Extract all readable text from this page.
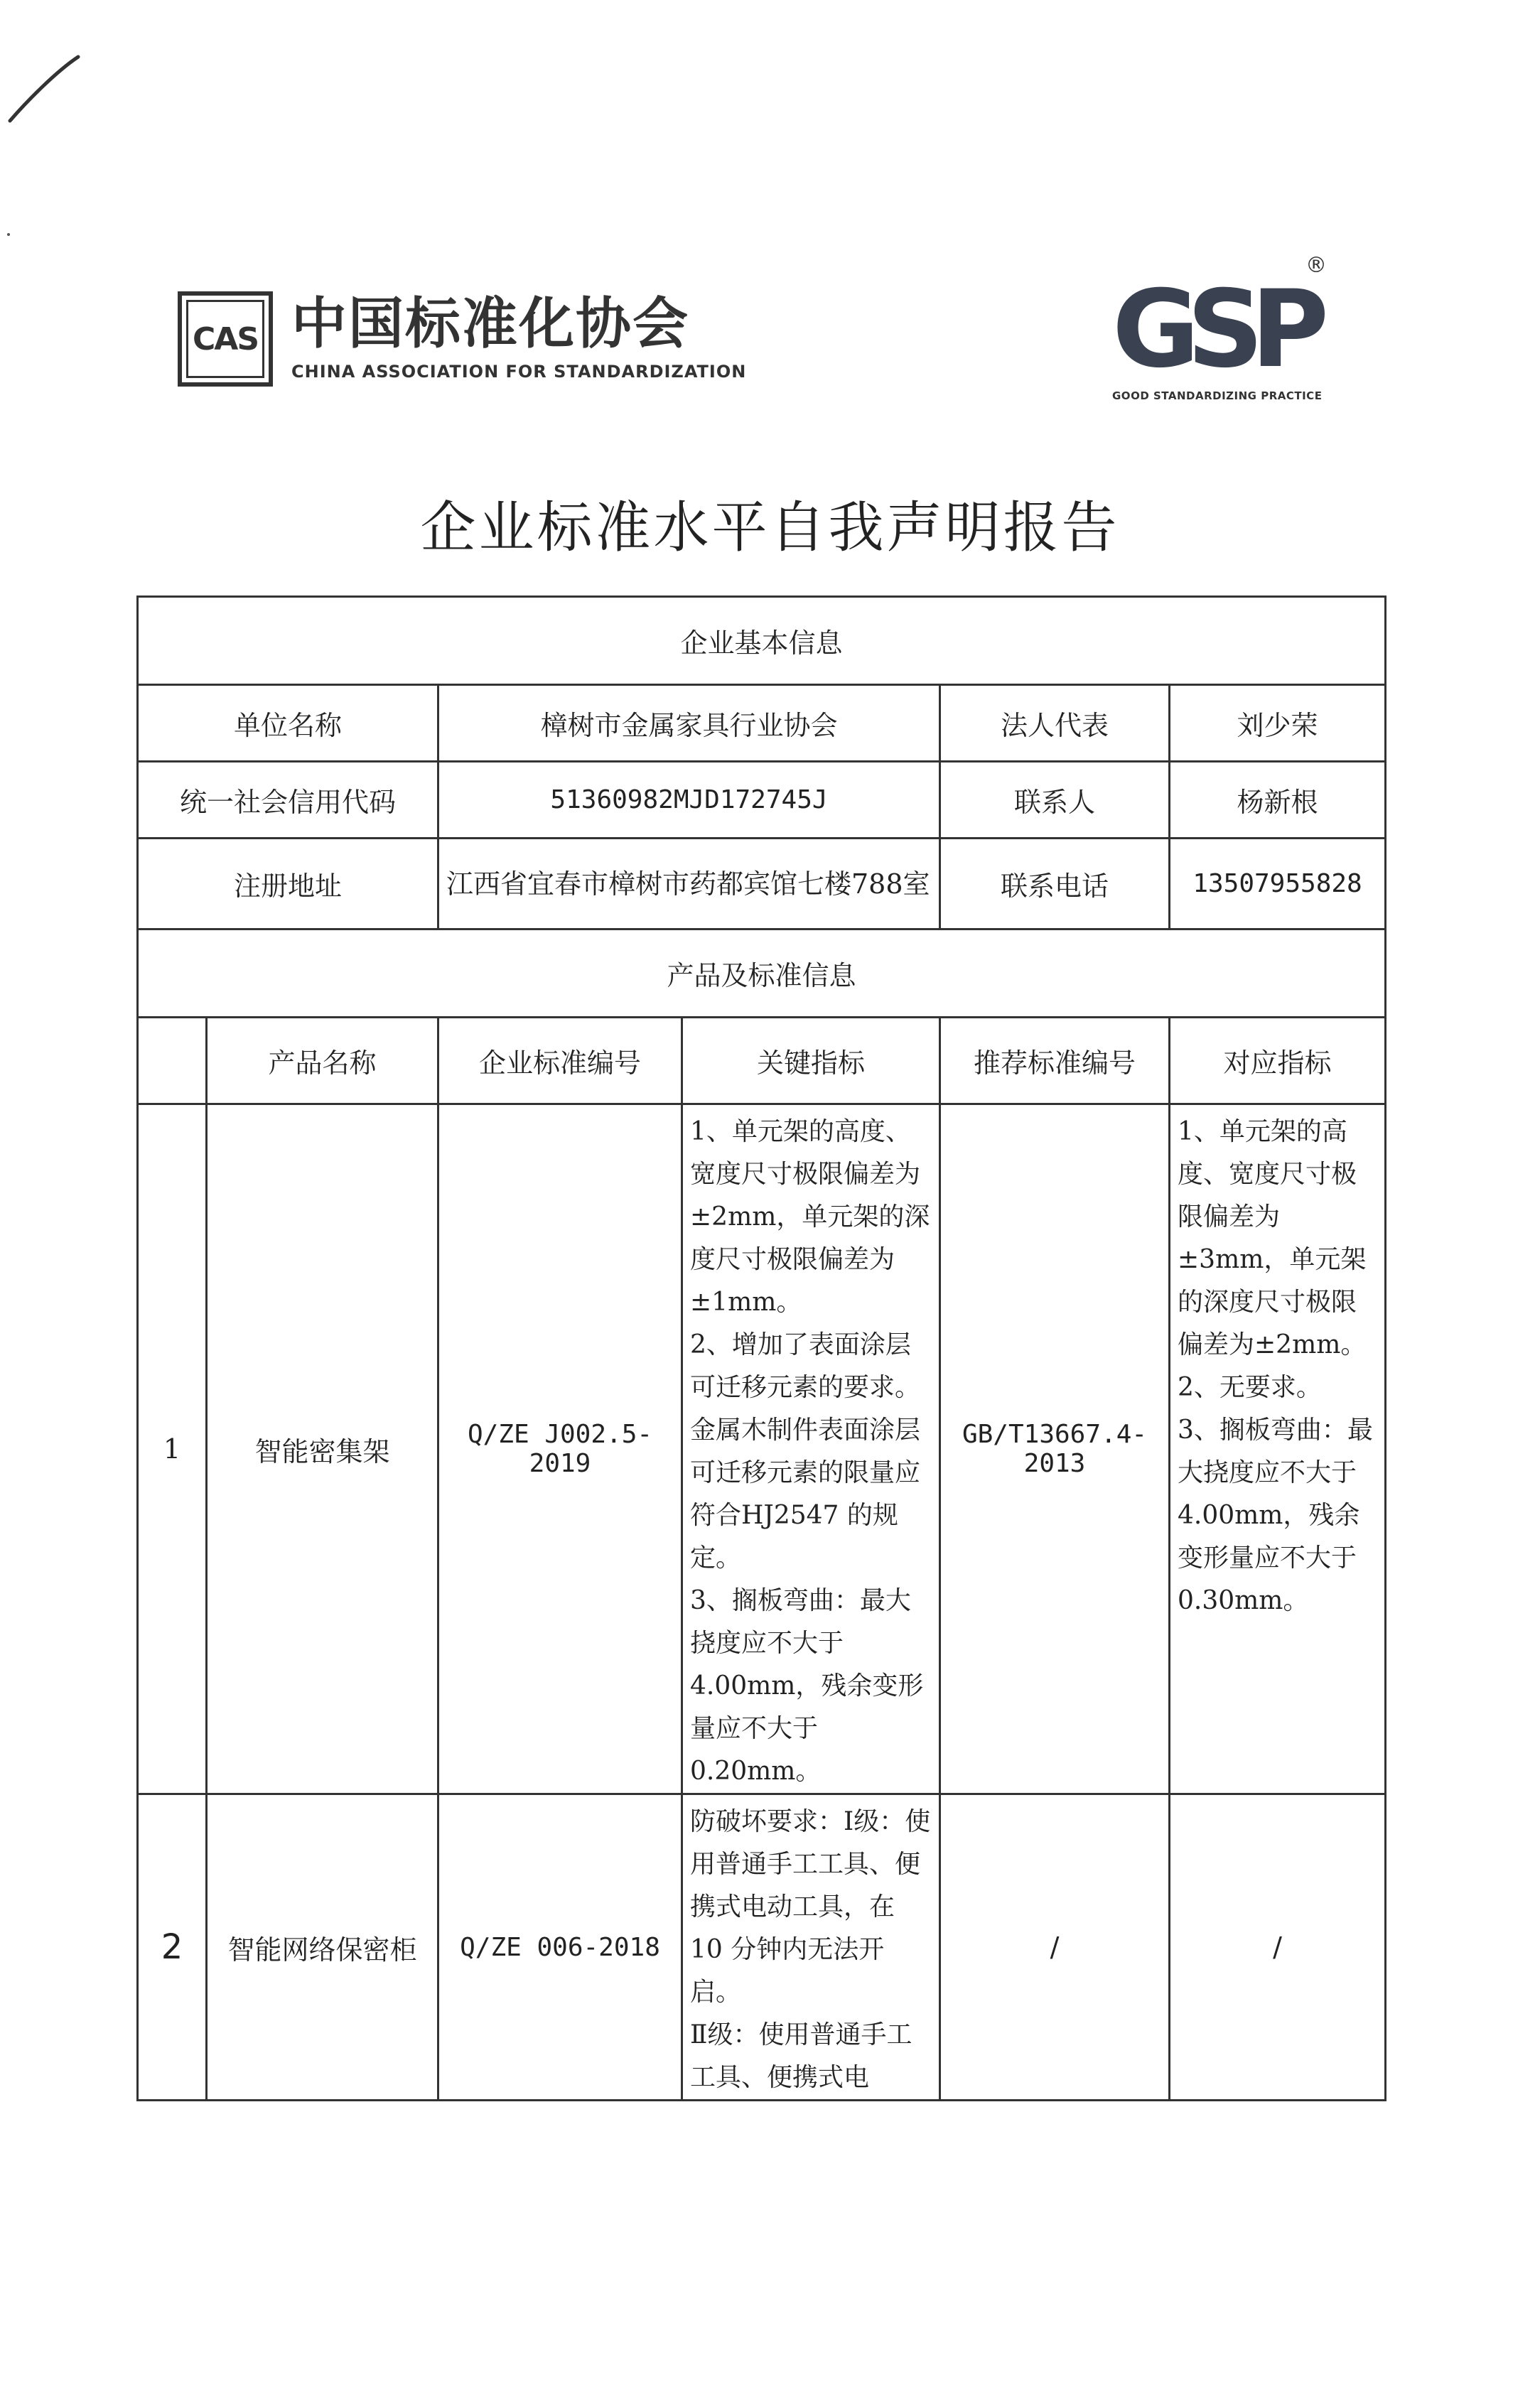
CAS 中国标准化协会
CHINA ASSOCIATION FOR STANDARDIZATION	GSP
®
GOOD STANDARDIZING PRACTICE
企业标准水平自我声明报告
企业基本信息					
单位名称		樟树市金属家具行业协会		法人代表	刘少荣
统一社会信用代码		51360982MJD172745J		联系人	杨新根
注册地址		江西省宜春市樟树市药都宾馆七楼788室		联系电话	13507955828
产品及标准信息					
	产品名称	企业标准编号	关键指标	推荐标准编号	对应指标
1	智能密集架	Q/ZE J002.5-2019	1、单元架的高度、宽度尺寸极限偏差为±2mm，单元架的深度尺寸极限偏差为±1mm。
2、增加了表面涂层可迁移元素的要求。金属木制件表面涂层可迁移元素的限量应符合HJ2547 的规定。
3、搁板弯曲：最大挠度应不大于4.00mm，残余变形量应不大于0.20mm。	GB/T13667.4-2013	1、单元架的高度、宽度尺寸极限偏差为±3mm，单元架的深度尺寸极限偏差为±2mm。
2、无要求。
3、搁板弯曲：最大挠度应不大于 4.00mm，残余变形量应不大于0.30mm。

2	智能网络保密柜	Q/ZE 006-2018	防破坏要求：Ⅰ级：使用普通手工工具、便携式电动工具，在 10 分钟内无法开启。
Ⅱ级：使用普通手工工具、便携式电	/	/
